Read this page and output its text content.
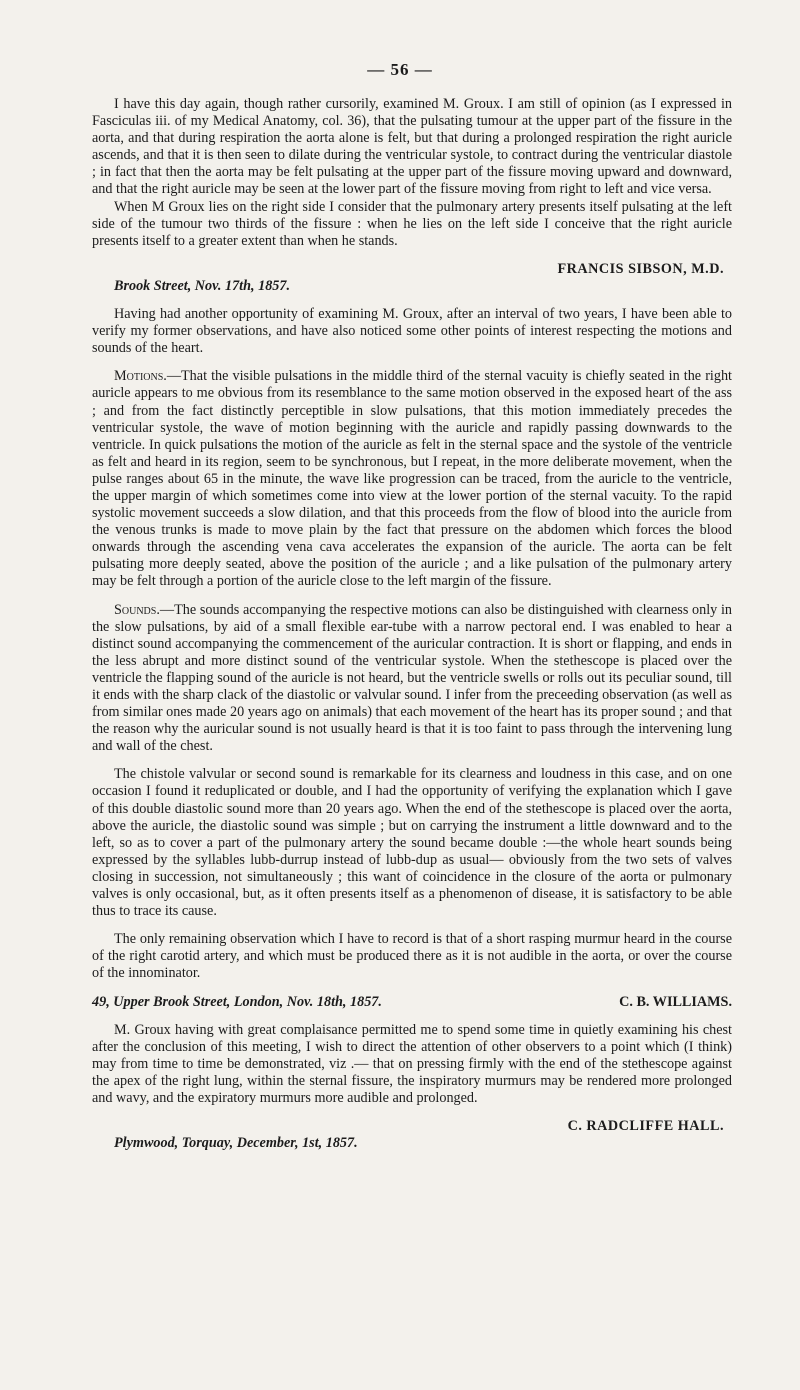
— 56 —

I have this day again, though rather cursorily, examined M. Groux. I am still of opinion (as I expressed in Fasciculas iii. of my Medical Anatomy, col. 36), that the pulsating tumour at the upper part of the fissure in the aorta, and that during respiration the aorta alone is felt, but that during a prolonged respiration the right auricle ascends, and that it is then seen to dilate during the ventricular systole, to contract during the ventricular diastole ; in fact that then the aorta may be felt pulsating at the upper part of the fissure moving upward and downward, and that the right auricle may be seen at the lower part of the fissure moving from right to left and vice versa.

When M Groux lies on the right side I consider that the pulmonary artery presents itself pulsating at the left side of the tumour two thirds of the fissure : when he lies on the left side I conceive that the right auricle presents itself to a greater extent than when he stands.

FRANCIS SIBSON, M.D.

Brook Street, Nov. 17th, 1857.

Having had another opportunity of examining M. Groux, after an interval of two years, I have been able to verify my former observations, and have also noticed some other points of interest respecting the motions and sounds of the heart.

Motions.—That the visible pulsations in the middle third of the sternal vacuity is chiefly seated in the right auricle appears to me obvious from its resemblance to the same motion observed in the exposed heart of the ass ; and from the fact distinctly perceptible in slow pulsations, that this motion immediately precedes the ventricular systole, the wave of motion beginning with the auricle and rapidly passing downwards to the ventricle. In quick pulsations the motion of the auricle as felt in the sternal space and the systole of the ventricle as felt and heard in its region, seem to be synchronous, but I repeat, in the more deliberate movement, when the pulse ranges about 65 in the minute, the wave like progression can be traced, from the auricle to the ventricle, the upper margin of which sometimes come into view at the lower portion of the sternal vacuity. To the rapid systolic movement succeeds a slow dilation, and that this proceeds from the flow of blood into the auricle from the venous trunks is made to move plain by the fact that pressure on the abdomen which forces the blood onwards through the ascending vena cava accelerates the expansion of the auricle. The aorta can be felt pulsating more deeply seated, above the position of the auricle ; and a like pulsation of the pulmonary artery may be felt through a portion of the auricle close to the left margin of the fissure.

Sounds.—The sounds accompanying the respective motions can also be distinguished with clearness only in the slow pulsations, by aid of a small flexible ear-tube with a narrow pectoral end. I was enabled to hear a distinct sound accompanying the commencement of the auricular contraction. It is short or flapping, and ends in the less abrupt and more distinct sound of the ventricular systole. When the stethescope is placed over the ventricle the flapping sound of the auricle is not heard, but the ventricle swells or rolls out its peculiar sound, till it ends with the sharp clack of the diastolic or valvular sound. I infer from the preceeding observation (as well as from similar ones made 20 years ago on animals) that each movement of the heart has its proper sound ; and that the reason why the auricular sound is not usually heard is that it is too faint to pass through the intervening lung and wall of the chest.

The chistole valvular or second sound is remarkable for its clearness and loudness in this case, and on one occasion I found it reduplicated or double, and I had the opportunity of verifying the explanation which I gave of this double diastolic sound more than 20 years ago. When the end of the stethescope is placed over the aorta, above the auricle, the diastolic sound was simple ; but on carrying the instrument a little downward and to the left, so as to cover a part of the pulmonary artery the sound became double :—the whole heart sounds being expressed by the syllables lubb-durrup instead of lubb-dup as usual— obviously from the two sets of valves closing in succession, not simultaneously ; this want of coincidence in the closure of the aorta or pulmonary valves is only occasional, but, as it often presents itself as a phenomenon of disease, it is satisfactory to be able thus to trace its cause.

The only remaining observation which I have to record is that of a short rasping murmur heard in the course of the right carotid artery, and which must be produced there as it is not audible in the aorta, or over the course of the innominator.

49, Upper Brook Street, London, Nov. 18th, 1857.	C. B. WILLIAMS.

M. Groux having with great complaisance permitted me to spend some time in quietly examining his chest after the conclusion of this meeting, I wish to direct the attention of other observers to a point which (I think) may from time to time be demonstrated, viz .— that on pressing firmly with the end of the stethescope against the apex of the right lung, within the sternal fissure, the inspiratory murmurs may be rendered more prolonged and wavy, and the expiratory murmurs more audible and prolonged.

C. RADCLIFFE HALL.

Plymwood, Torquay, December, 1st, 1857.
